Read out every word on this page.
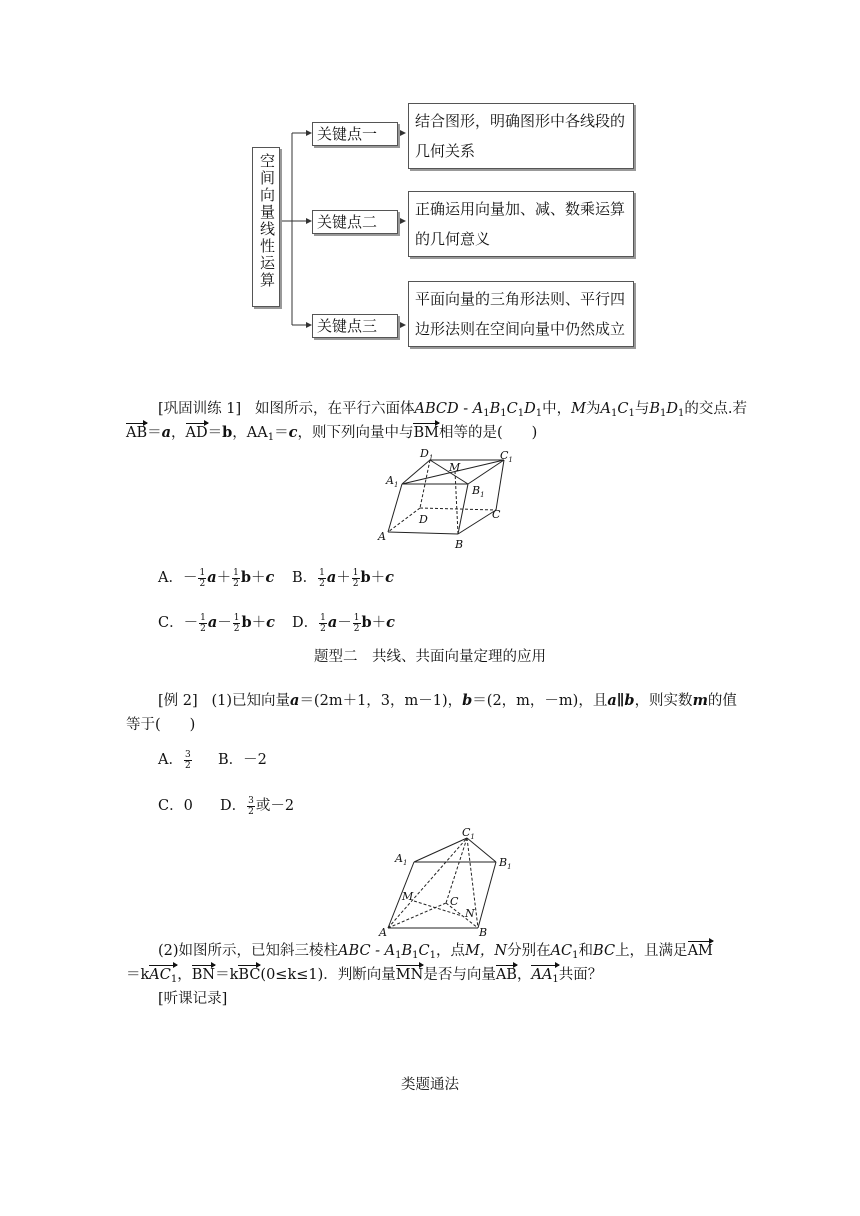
空间向量线性运算
关键点一
关键点二
关键点三
结合图形，明确图形中各线段的几何关系
正确运用向量加、减、数乘运算的几何意义
平面向量的三角形法则、平行四边形法则在空间向量中仍然成立
[巩固训练 1] 如图所示，在平行六面体ABCD - $A_1B_1C_1D_1$中，M为$A_1C_1$与$B_1D_1$的交点.若
AB＝a，AD＝b，$AA_1=c$，则下列向量中与BM相等的是(　　)
$D_1$
M
$C_1$
$A_1$	$B_1$
D	C
A
B
A．－ $\frac{1}{2} a+ \frac{1}{2} b+c$ B． $\frac{1}{2} a+ \frac{1}{2} b+c$
C．－ $\frac{1}{2} a- \frac{1}{2} b+c$ D． $\frac{1}{2} a- \frac{1}{2} b+c$
题型二　共线、共面向量定理的应用
[例 2] (1)已知向量a＝(2m＋1，3，m－1)，b＝(2，m，－m)，且a∥b，则实数m的值
等于(　　)
A． $\frac{3}{2}$ B．－2
C．0 D． $\frac{3}{2}$ 或－2
$C_1$
$A_1$	$B_1$
M	C
N
A	B
(2)如图所示，已知斜三棱柱ABC - $A_1B_1C_1$，点M，N分别在$AC_1$和BC上，且满足AM
＝kAC$_1$，BN＝kBC(0≤k≤1)．判断向量MN是否与向量AB，$AA_1$共面？
[听课记录]
类题通法
